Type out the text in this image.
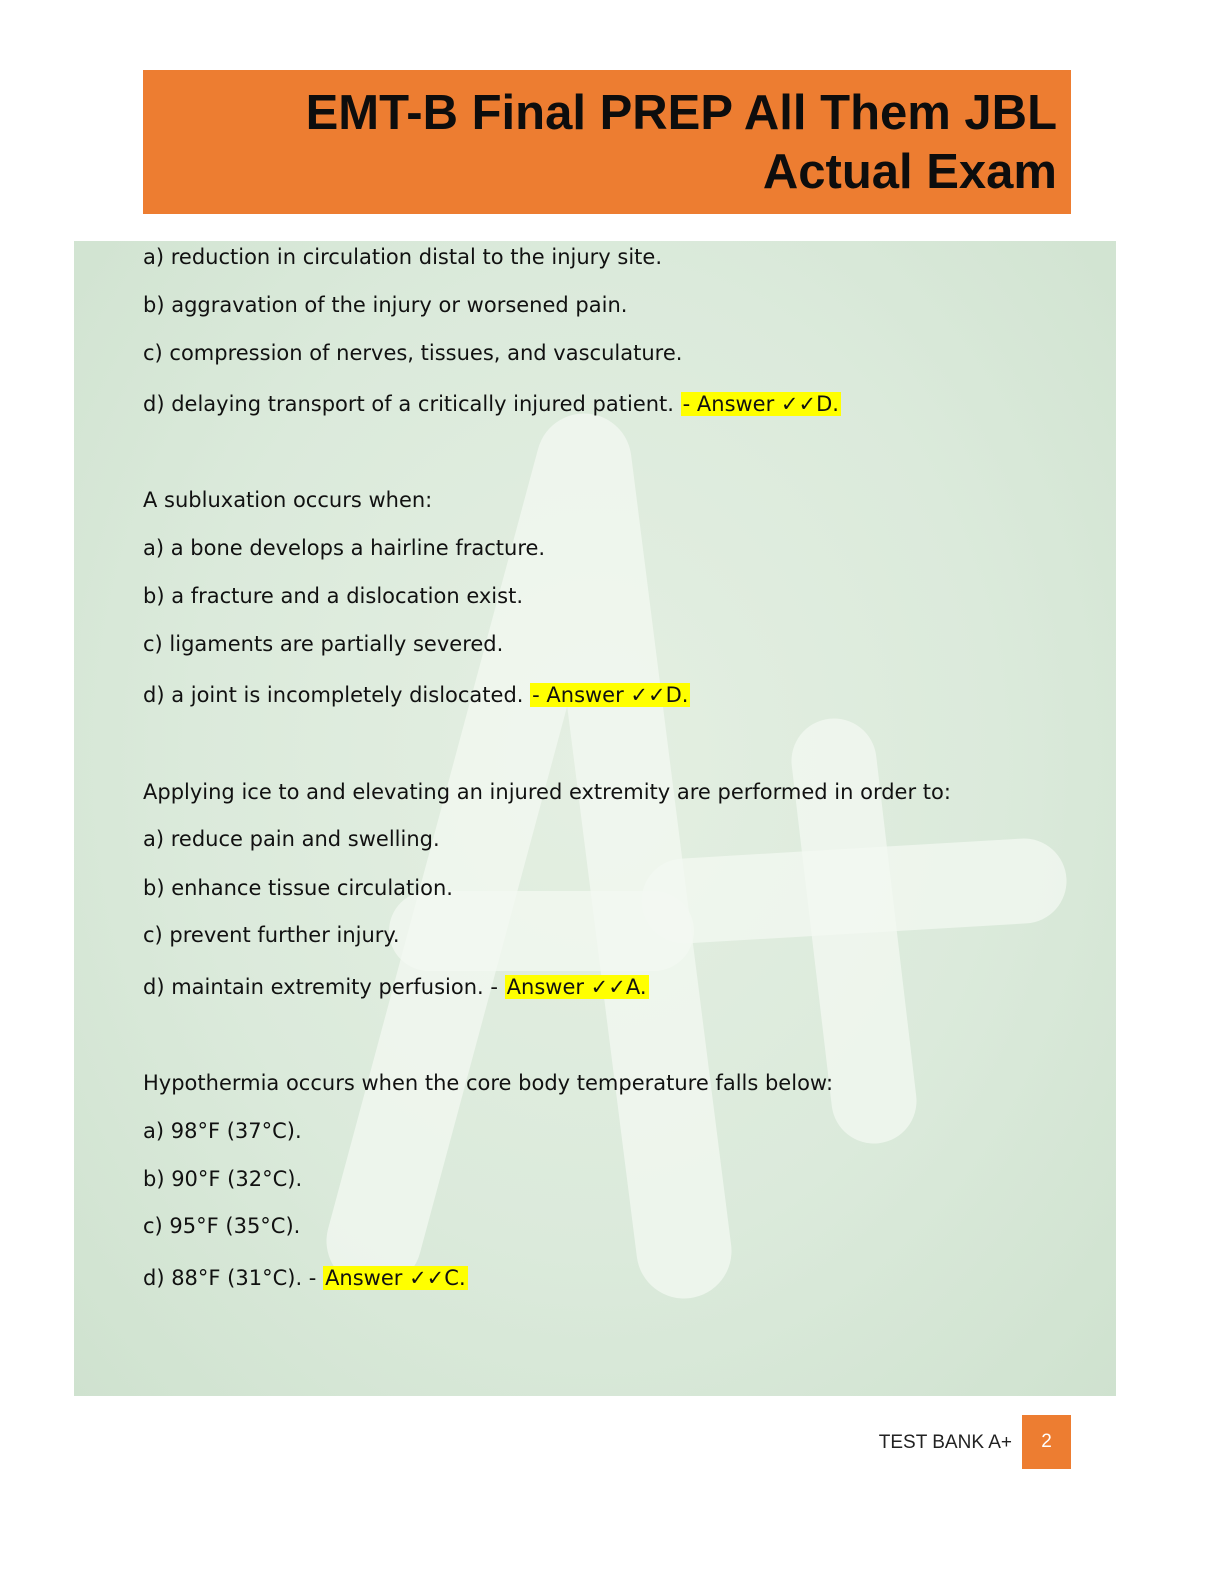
EMT-B Final PREP All Them JBL
Actual Exam
a) reduction in circulation distal to the injury site.
b) aggravation of the injury or worsened pain.
c) compression of nerves, tissues, and vasculature.
d) delaying transport of a critically injured patient. - Answer ✓✓D.
A subluxation occurs when:
a) a bone develops a hairline fracture.
b) a fracture and a dislocation exist.
c) ligaments are partially severed.
d) a joint is incompletely dislocated. - Answer ✓✓D.
Applying ice to and elevating an injured extremity are performed in order to:
a) reduce pain and swelling.
b) enhance tissue circulation.
c) prevent further injury.
d) maintain extremity perfusion. - Answer ✓✓A.
Hypothermia occurs when the core body temperature falls below:
a) 98°F (37°C).
b) 90°F (32°C).
c) 95°F (35°C).
d) 88°F (31°C). - Answer ✓✓C.
TEST BANK A+ 2
